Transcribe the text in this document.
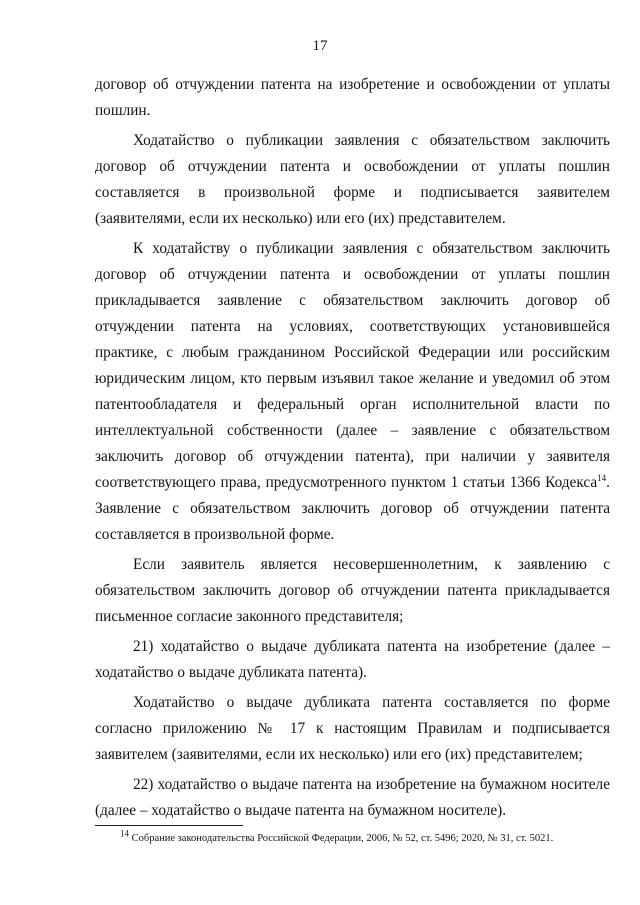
17

договор об отчуждении патента на изобретение и освобождении от уплаты пошлин.

Ходатайство о публикации заявления с обязательством заключить договор об отчуждении патента и освобождении от уплаты пошлин составляется в произвольной форме и подписывается заявителем (заявителями, если их несколько) или его (их) представителем.

К ходатайству о публикации заявления с обязательством заключить договор об отчуждении патента и освобождении от уплаты пошлин прикладывается заявление с обязательством заключить договор об отчуждении патента на условиях, соответствующих установившейся практике, с любым гражданином Российской Федерации или российским юридическим лицом, кто первым изъявил такое желание и уведомил об этом патентообладателя и федеральный орган исполнительной власти по интеллектуальной собственности (далее – заявление с обязательством заключить договор об отчуждении патента), при наличии у заявителя соответствующего права, предусмотренного пунктом 1 статьи 1366 Кодекса$^{14}$. Заявление с обязательством заключить договор об отчуждении патента составляется в произвольной форме.

Если заявитель является несовершеннолетним, к заявлению с обязательством заключить договор об отчуждении патента прикладывается письменное согласие законного представителя;

21) ходатайство о выдаче дубликата патента на изобретение (далее – ходатайство о выдаче дубликата патента).

Ходатайство о выдаче дубликата патента составляется по форме согласно приложению № 17 к настоящим Правилам и подписывается заявителем (заявителями, если их несколько) или его (их) представителем;

22) ходатайство о выдаче патента на изобретение на бумажном носителе (далее – ходатайство о выдаче патента на бумажном носителе).

$^{14}$ Собрание законодательства Российской Федерации, 2006, № 52, ст. 5496; 2020, № 31, ст. 5021.
